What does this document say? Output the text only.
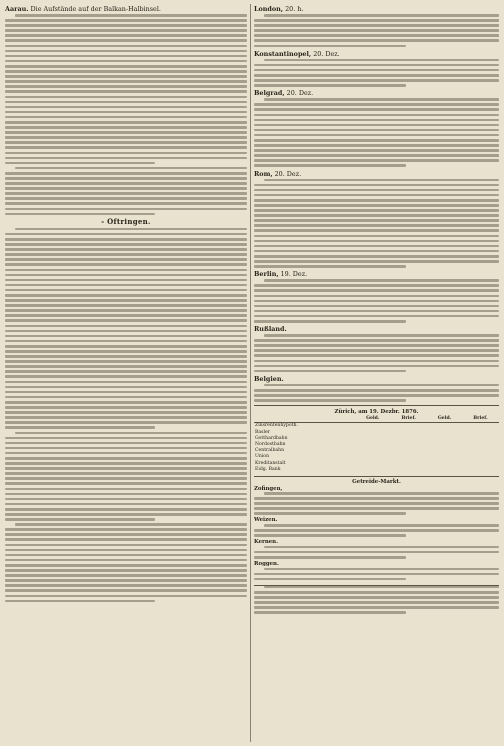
Aarau. Die Aufstände auf der Balkan-Halbinsel.
- Oftringen.
London, 20. h.
Konstantinopel, 20. Dez.
Belgrad, 20. Dez.
Rom, 20. Dez.
Berlin, 19. Dez.
Rußland.
Belgien.
Zürich, am 19. Dezbr. 1876.
	Geld.	Brief.	Geld.	Brief.
Zinsrentenhypoth.				
Basler				
Gotthardbahn				
Nordostbahn				
Centralbahn				
Union				
Kreditanstalt				
Eidg. Bank				
Getreide-Markt.
Zofingen,
Weizen.
Kernen.
Roggen.
